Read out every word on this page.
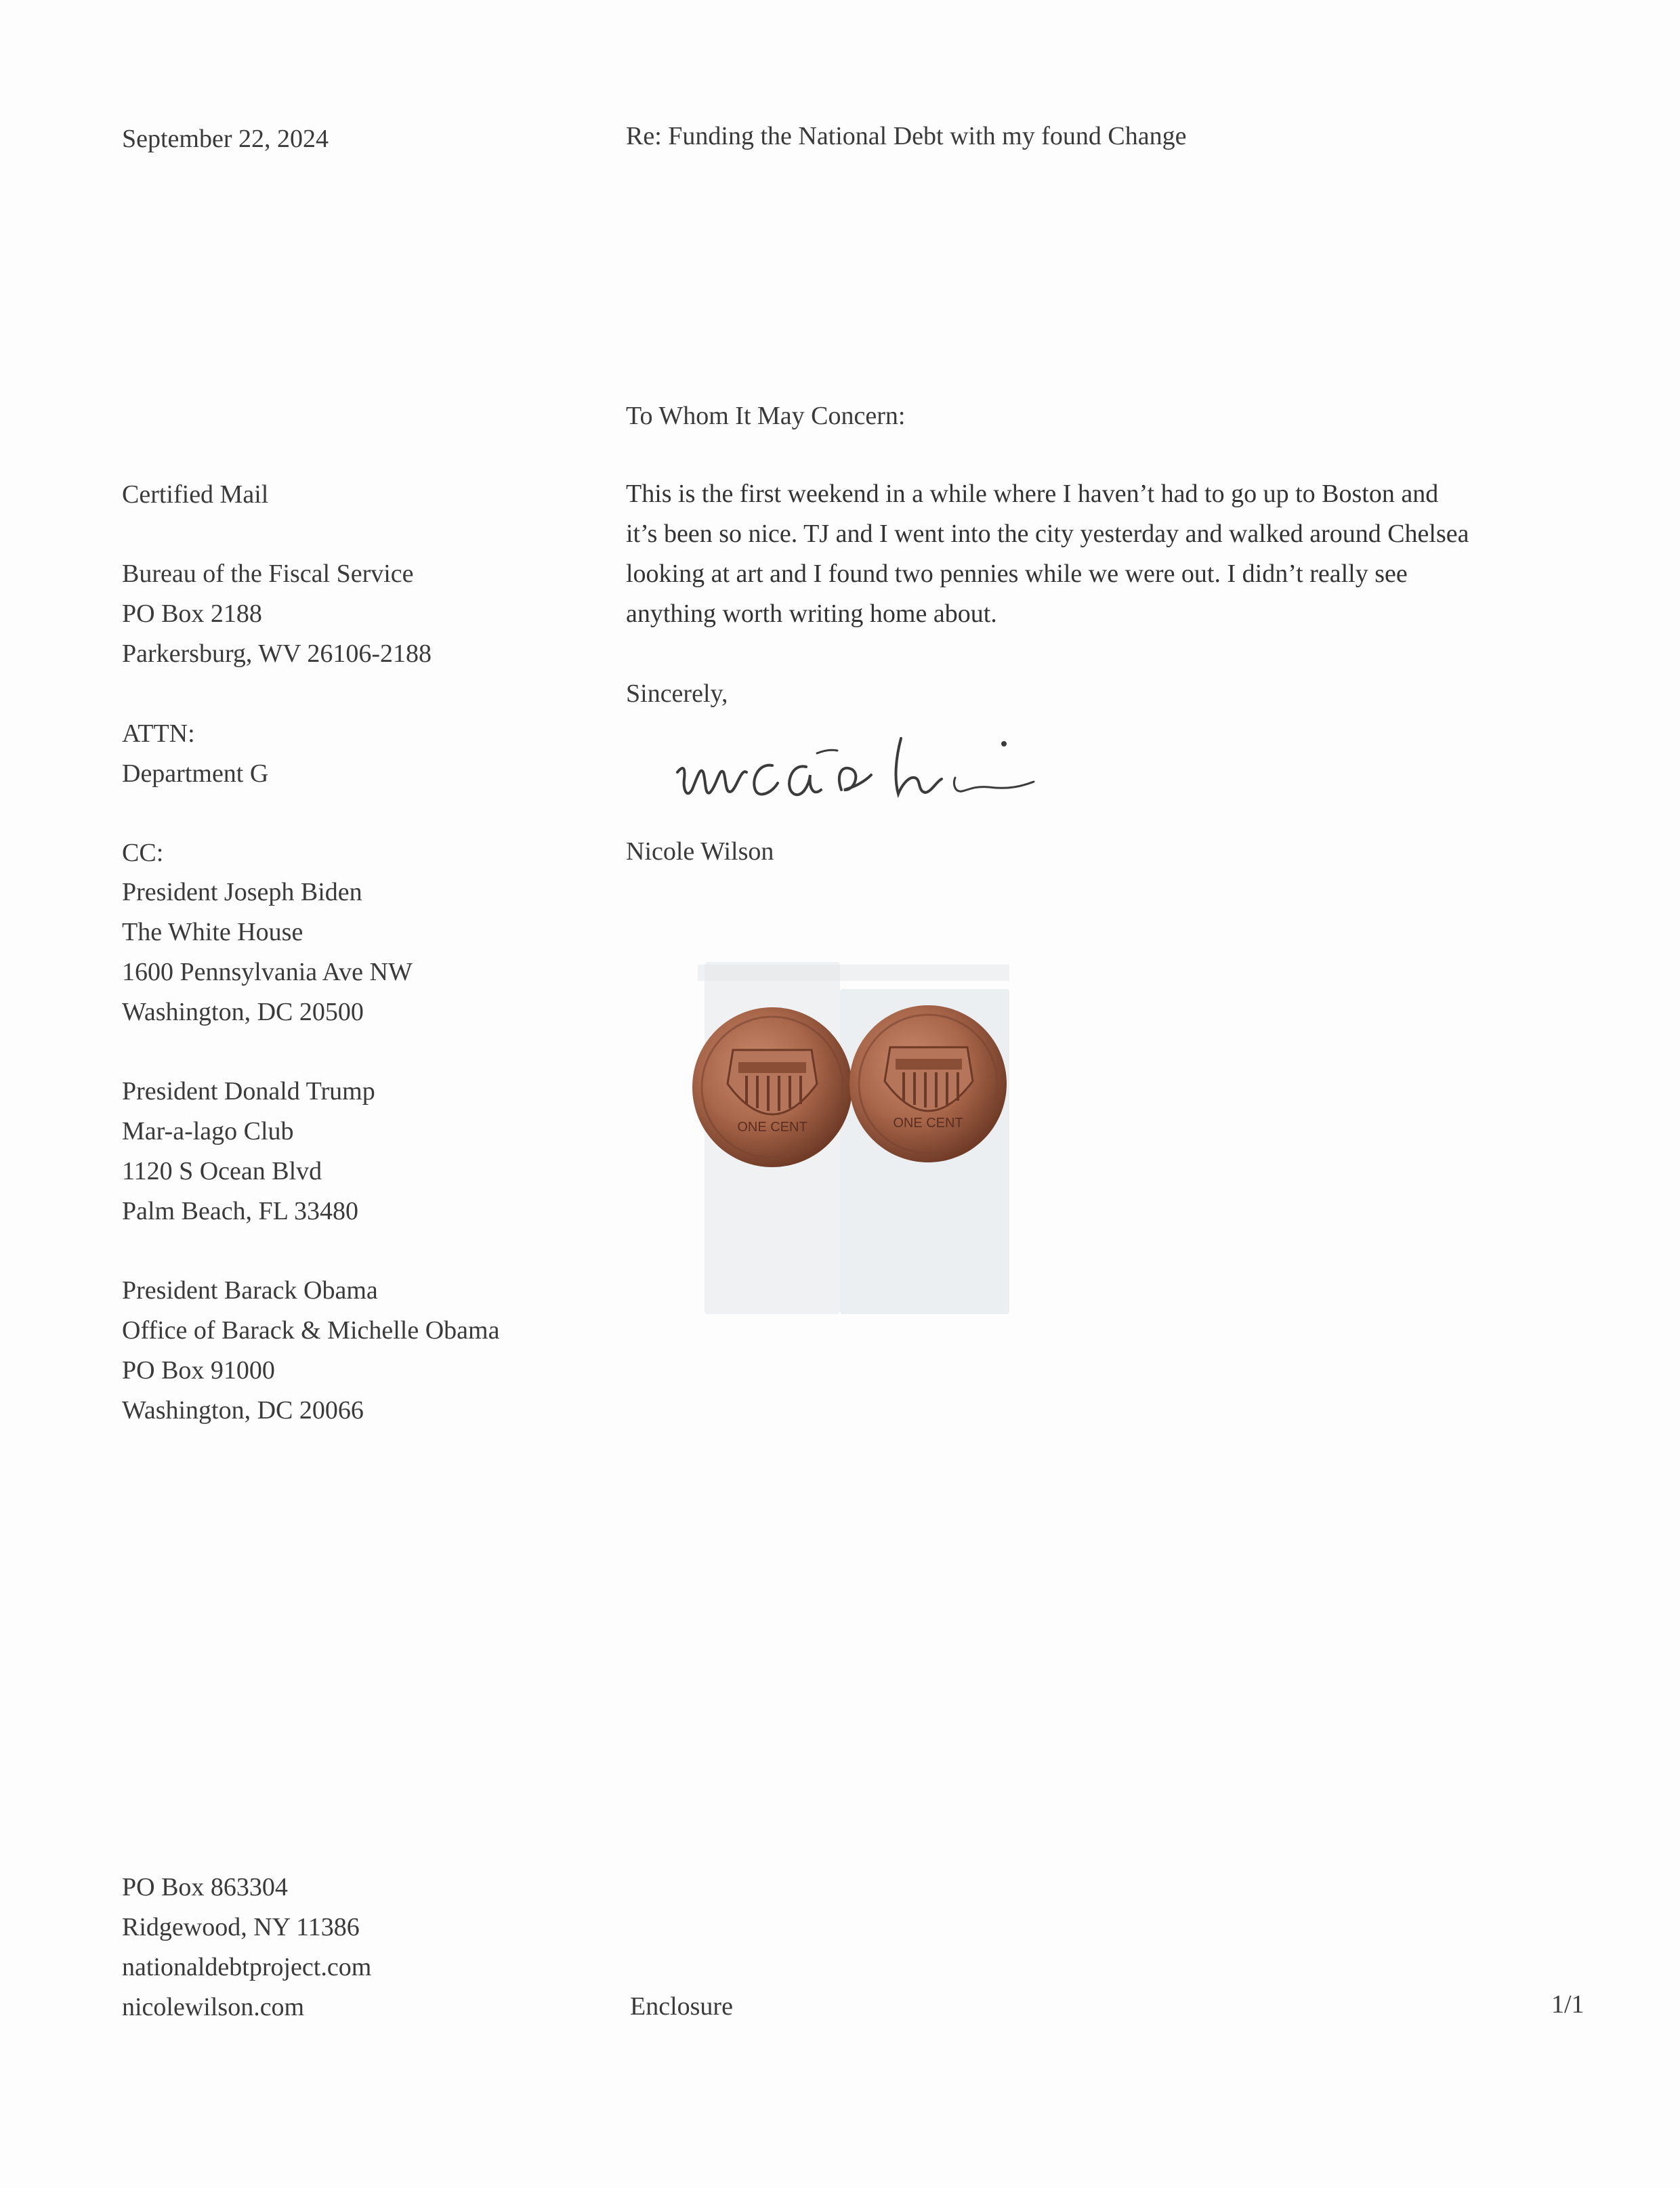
September 22, 2024	Re: Funding the National Debt with my found Change

To Whom It May Concern:

This is the first weekend in a while where I haven’t had to go up to Boston and
it’s been so nice. TJ and I went into the city yesterday and walked around Chelsea
looking at art and I found two pennies while we were out. I didn’t really see
anything worth writing home about.

Sincerely,

Nicole Wilson

Certified Mail

Bureau of the Fiscal Service
PO Box 2188
Parkersburg, WV 26106-2188
ATTN:
Department G

CC:

President Joseph Biden
The White House
1600 Pennsylvania Ave NW
Washington, DC 20500
President Donald Trump
Mar-a-lago Club
1120 S Ocean Blvd
Palm Beach, FL 33480
President Barack Obama
Office of Barack & Michelle Obama
PO Box 91000
Washington, DC 20066
ONE CENT	ONE CENT
PO Box 863304
Ridgewood, NY 11386
nationaldebtproject.com
nicolewilson.com	Enclosure	1/1
